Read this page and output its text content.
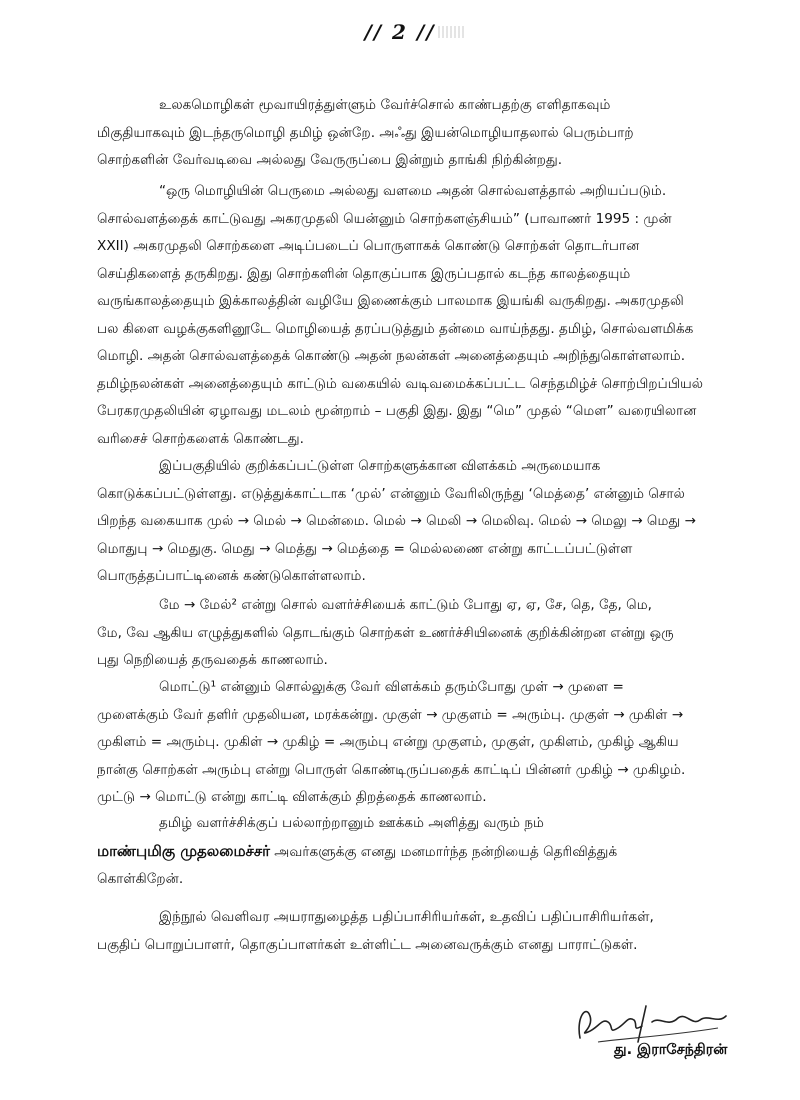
// 2 //

உலகமொழிகள் மூவாயிரத்துள்ளும் வேர்ச்சொல் காண்பதற்கு எளிதாகவும்
மிகுதியாகவும் இடந்தருமொழி தமிழ் ஒன்றே. அஃது இயன்மொழியாதலால் பெரும்பாற்
சொற்களின் வேர்வடிவை அல்லது வேருருப்பை இன்றும் தாங்கி நிற்கின்றது.

“ஒரு மொழியின் பெருமை அல்லது வளமை அதன் சொல்வளத்தால் அறியப்படும்.
சொல்வளத்தைக் காட்டுவது அகரமுதலி யென்னும் சொற்களஞ்சியம்” (பாவாணர் 1995 : முன்
XXII) அகரமுதலி சொற்களை அடிப்படைப் பொருளாகக் கொண்டு சொற்கள் தொடர்பான
செய்திகளைத் தருகிறது. இது சொற்களின் தொகுப்பாக இருப்பதால் கடந்த காலத்தையும்
வருங்காலத்தையும் இக்காலத்தின் வழியே இணைக்கும் பாலமாக இயங்கி வருகிறது. அகரமுதலி
பல கிளை வழக்குகளினூடே மொழியைத் தரப்படுத்தும் தன்மை வாய்ந்தது. தமிழ், சொல்வளமிக்க
மொழி. அதன் சொல்வளத்தைக் கொண்டு அதன் நலன்கள் அனைத்தையும் அறிந்துகொள்ளலாம்.
தமிழ்நலன்கள் அனைத்தையும் காட்டும் வகையில் வடிவமைக்கப்பட்ட செந்தமிழ்ச் சொற்பிறப்பியல்
பேரகரமுதலியின் ஏழாவது மடலம் மூன்றாம் – பகுதி இது. இது “மெ” முதல் “மௌ” வரையிலான
வரிசைச் சொற்களைக் கொண்டது.

இப்பகுதியில் குறிக்கப்பட்டுள்ள சொற்களுக்கான விளக்கம் அருமையாக
கொடுக்கப்பட்டுள்ளது. எடுத்துக்காட்டாக ‘முல்’ என்னும் வேரிலிருந்து ‘மெத்தை’ என்னும் சொல்
பிறந்த வகையாக முல் → மெல் → மென்மை. மெல் → மெலி → மெலிவு. மெல் → மெலு → மெது →
மொதுபு → மெதுகு. மெது → மெத்து → மெத்தை = மெல்லணை என்று காட்டப்பட்டுள்ள
பொருத்தப்பாட்டினைக் கண்டுகொள்ளலாம்.

மே → மேல்² என்று சொல் வளர்ச்சியைக் காட்டும் போது ஏ, ஏ, சே, தெ, தே, மெ,
மே, வே ஆகிய எழுத்துகளில் தொடங்கும் சொற்கள் உணர்ச்சியினைக் குறிக்கின்றன என்று ஒரு
புது நெறியைத் தருவதைக் காணலாம்.

மொட்டு¹ என்னும் சொல்லுக்கு வேர் விளக்கம் தரும்போது முள் → முளை =
முளைக்கும் வேர் தளிர் முதலியன, மரக்கன்று. முகுள் → முகுளம் = அரும்பு. முகுள் → முகிள் →
முகிளம் = அரும்பு. முகிள் → முகிழ் = அரும்பு என்று முகுளம், முகுள், முகிளம், முகிழ் ஆகிய
நான்கு சொற்கள் அரும்பு என்று பொருள் கொண்டிருப்பதைக் காட்டிப் பின்னர் முகிழ் → முகிழம்.
முட்டு → மொட்டு என்று காட்டி விளக்கும் திறத்தைக் காணலாம்.

தமிழ் வளர்ச்சிக்குப் பல்லாற்றானும் ஊக்கம் அளித்து வரும் நம்
மாண்புமிகு முதலமைச்சர் அவர்களுக்கு எனது மனமார்ந்த நன்றியைத் தெரிவித்துக்
கொள்கிறேன்.

இந்நூல் வெளிவர அயராதுழைத்த பதிப்பாசிரியர்கள், உதவிப் பதிப்பாசிரியர்கள்,
பகுதிப் பொறுப்பாளர், தொகுப்பாளர்கள் உள்ளிட்ட அனைவருக்கும் எனது பாராட்டுகள்.

து. இராசேந்திரன்
